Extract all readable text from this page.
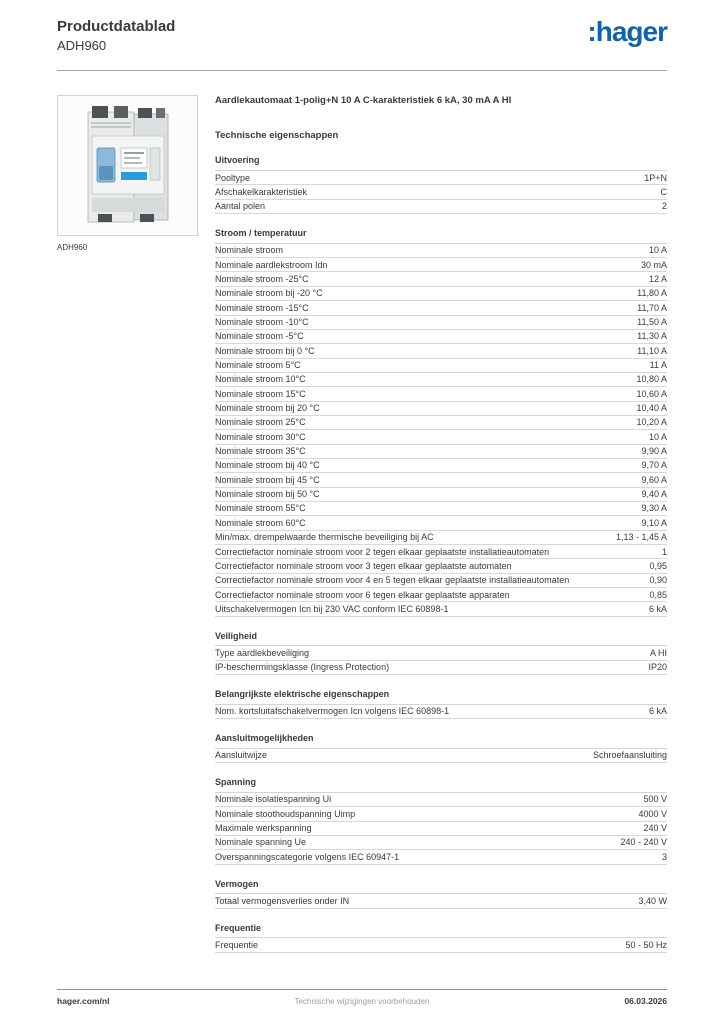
Productdatablad
ADH960	:hager
ADH960
Aardlekautomaat 1-polig+N 10 A C-karakteristiek 6 kA, 30 mA A HI
Technische eigenschappen
Uitvoering
Pooltype	1P+N
Afschakelkarakteristiek	C
Aantal polen	2
Stroom / temperatuur
Nominale stroom	10 A
Nominale aardlekstroom Idn	30 mA
Nominale stroom -25°C	12 A
Nominale stroom bij -20 °C	11,80 A
Nominale stroom -15°C	11,70 A
Nominale stroom -10°C	11,50 A
Nominale stroom -5°C	11,30 A
Nominale stroom bij 0 °C	11,10 A
Nominale stroom 5°C	11 A
Nominale stroom 10°C	10,80 A
Nominale stroom 15°C	10,60 A
Nominale stroom bij 20 °C	10,40 A
Nominale stroom 25°C	10,20 A
Nominale stroom 30°C	10 A
Nominale stroom 35°C	9,90 A
Nominale stroom bij 40 °C	9,70 A
Nominale stroom bij 45 °C	9,60 A
Nominale stroom bij 50 °C	9,40 A
Nominale stroom 55°C	9,30 A
Nominale stroom 60°C	9,10 A
Min/max. drempelwaarde thermische beveiliging bij AC	1,13 - 1,45 A
Correctiefactor nominale stroom voor 2 tegen elkaar geplaatste installatieautomaten	1
Correctiefactor nominale stroom voor 3 tegen elkaar geplaatste automaten	0,95
Correctiefactor nominale stroom voor 4 en 5 tegen elkaar geplaatste installatieautomaten	0,90
Correctiefactor nominale stroom voor 6 tegen elkaar geplaatste apparaten	0,85
Uitschakelvermogen Icn bij 230 VAC conform IEC 60898-1	6 kA
Veiligheid
Type aardlekbeveiliging	A HI
IP-beschermingsklasse (Ingress Protection)	IP20
Belangrijkste elektrische eigenschappen
Nom. kortsluitafschakelvermogen Icn volgens IEC 60898-1	6 kA
Aansluitmogelijkheden
Aansluitwijze	Schroefaansluiting
Spanning
Nominale isolatiespanning Ui	500 V
Nominale stoothoudspanning Uimp	4000 V
Maximale werkspanning	240 V
Nominale spanning Ue	240 - 240 V
Overspanningscategorie volgens IEC 60947-1	3
Vermogen
Totaal vermogensverlies onder IN	3,40 W
Frequentie
Frequentie	50 - 50 Hz
hager.com/nl	Technische wijzigingen voorbehouden	06.03.2026
